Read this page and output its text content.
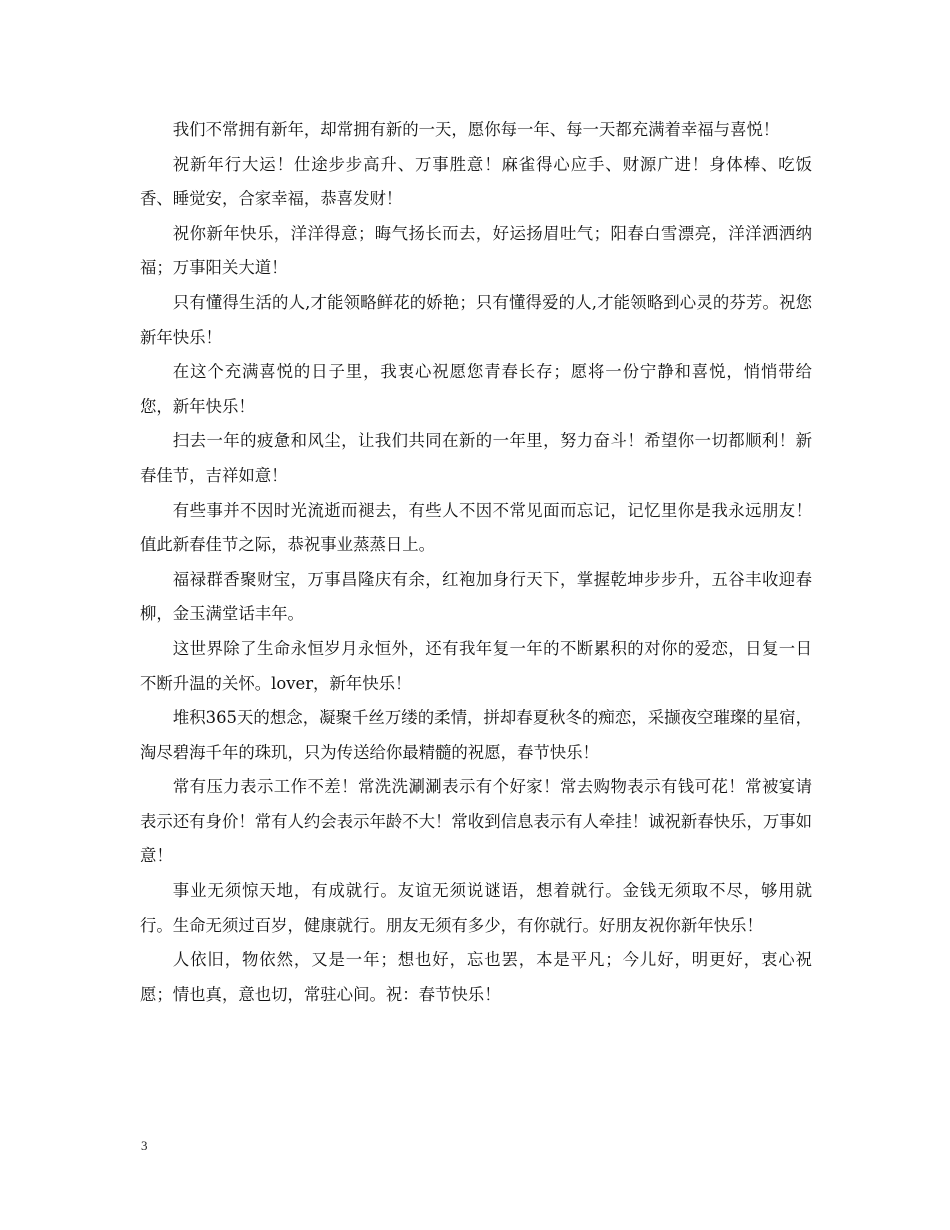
我们不常拥有新年，却常拥有新的一天，愿你每一年、每一天都充满着幸福与喜悦！

祝新年行大运！仕途步步高升、万事胜意！麻雀得心应手、财源广进！身体棒、吃饭香、睡觉安，合家幸福，恭喜发财！

祝你新年快乐，洋洋得意；晦气扬长而去，好运扬眉吐气；阳春白雪漂亮，洋洋洒洒纳福；万事阳关大道！

只有懂得生活的人,才能领略鲜花的娇艳；只有懂得爱的人,才能领略到心灵的芬芳。祝您新年快乐！

在这个充满喜悦的日子里，我衷心祝愿您青春长存；愿将一份宁静和喜悦，悄悄带给您，新年快乐！

扫去一年的疲惫和风尘，让我们共同在新的一年里，努力奋斗！希望你一切都顺利！新春佳节，吉祥如意！

有些事并不因时光流逝而褪去，有些人不因不常见面而忘记，记忆里你是我永远朋友！值此新春佳节之际，恭祝事业蒸蒸日上。

福禄群香聚财宝，万事昌隆庆有余，红袍加身行天下，掌握乾坤步步升，五谷丰收迎春柳，金玉满堂话丰年。

这世界除了生命永恒岁月永恒外，还有我年复一年的不断累积的对你的爱恋，日复一日不断升温的关怀。lover，新年快乐！

堆积365天的想念，凝聚千丝万缕的柔情，拼却春夏秋冬的痴恋，采撷夜空璀璨的星宿，淘尽碧海千年的珠玑，只为传送给你最精髓的祝愿，春节快乐！

常有压力表示工作不差！常洗洗涮涮表示有个好家！常去购物表示有钱可花！常被宴请表示还有身价！常有人约会表示年龄不大！常收到信息表示有人牵挂！诚祝新春快乐，万事如意！

事业无须惊天地，有成就行。友谊无须说谜语，想着就行。金钱无须取不尽，够用就行。生命无须过百岁，健康就行。朋友无须有多少，有你就行。好朋友祝你新年快乐！

人依旧，物依然，又是一年；想也好，忘也罢，本是平凡；今儿好，明更好，衷心祝愿；情也真，意也切，常驻心间。祝：春节快乐！

3
